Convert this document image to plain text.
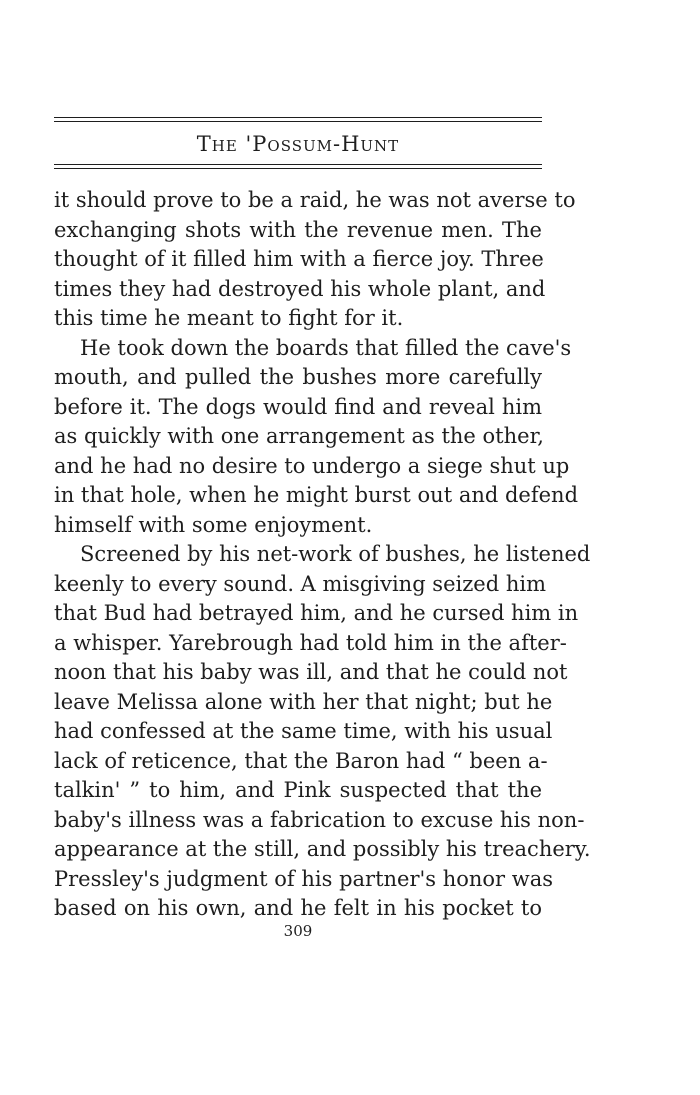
The 'Possum-Hunt
it should prove to be a raid, he was not averse to
exchanging shots with the revenue men. The
thought of it filled him with a fierce joy. Three
times they had destroyed his whole plant, and
this time he meant to fight for it.
He took down the boards that filled the cave's
mouth, and pulled the bushes more carefully
before it. The dogs would find and reveal him
as quickly with one arrangement as the other,
and he had no desire to undergo a siege shut up
in that hole, when he might burst out and defend
himself with some enjoyment.
Screened by his net-work of bushes, he listened
keenly to every sound. A misgiving seized him
that Bud had betrayed him, and he cursed him in
a whisper. Yarebrough had told him in the after-
noon that his baby was ill, and that he could not
leave Melissa alone with her that night; but he
had confessed at the same time, with his usual
lack of reticence, that the Baron had “ been a-
talkin' ” to him, and Pink suspected that the
baby's illness was a fabrication to excuse his non-
appearance at the still, and possibly his treachery.
Pressley's judgment of his partner's honor was
based on his own, and he felt in his pocket to
309
